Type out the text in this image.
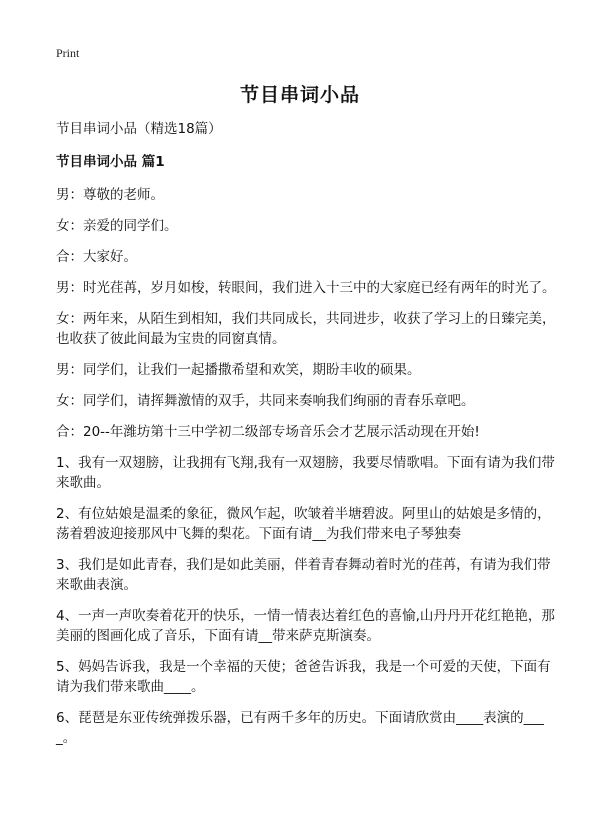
Print
节目串词小品
节目串词小品（精选18篇）
节目串词小品 篇1
男：尊敬的老师。
女：亲爱的同学们。
合：大家好。
男：时光荏苒，岁月如梭，转眼间，我们进入十三中的大家庭已经有两年的时光了。
女：两年来，从陌生到相知，我们共同成长，共同进步，收获了学习上的日臻完美，也收获了彼此间最为宝贵的同窗真情。
男：同学们，让我们一起播撒希望和欢笑，期盼丰收的硕果。
女：同学们，请挥舞激情的双手，共同来奏响我们绚丽的青春乐章吧。
合：20--年潍坊第十三中学初二级部专场音乐会才艺展示活动现在开始!
1、我有一双翅膀，让我拥有飞翔,我有一双翅膀，我要尽情歌唱。下面有请为我们带来歌曲。
2、有位姑娘是温柔的象征，微风乍起，吹皱着半塘碧波。阿里山的姑娘是多情的，荡着碧波迎接那风中飞舞的梨花。下面有请__为我们带来电子琴独奏
3、我们是如此青春，我们是如此美丽，伴着青春舞动着时光的荏苒，有请为我们带来歌曲表演。
4、一声一声吹奏着花开的快乐，一情一情表达着红色的喜愉,山丹丹开花红艳艳，那美丽的图画化成了音乐，下面有请__带来萨克斯演奏。
5、妈妈告诉我，我是一个幸福的天使；爸爸告诉我，我是一个可爱的天使，下面有请为我们带来歌曲____。
6、琵琶是东亚传统弹拨乐器，已有两千多年的历史。下面请欣赏由____表演的____。
